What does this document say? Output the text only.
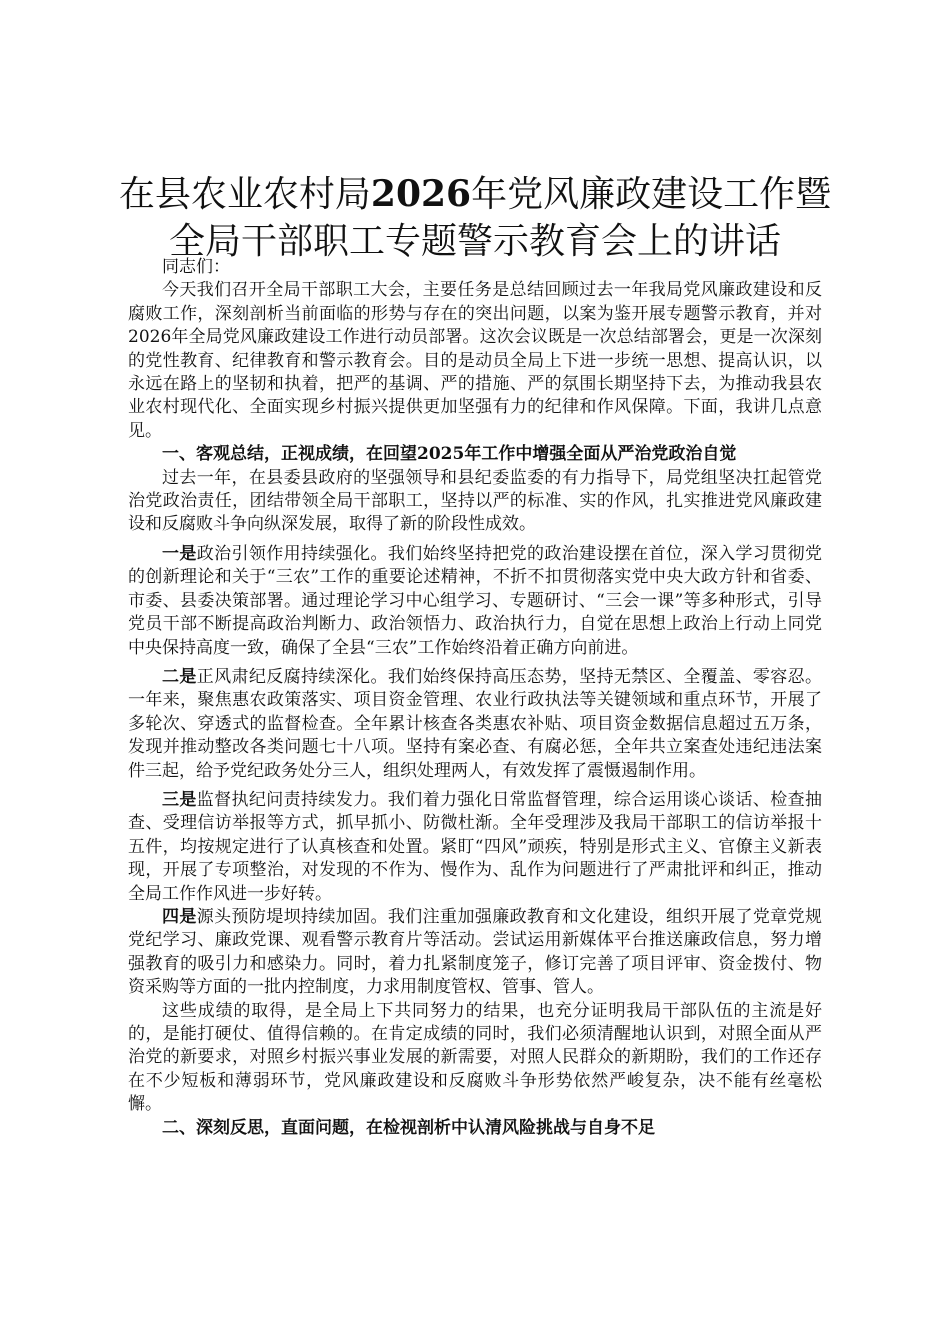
在县农业农村局2026年党风廉政建设工作暨
全局干部职工专题警示教育会上的讲话

同志们：

今天我们召开全局干部职工大会，主要任务是总结回顾过去一年我局党风廉政建设和反腐败工作，深刻剖析当前面临的形势与存在的突出问题，以案为鉴开展专题警示教育，并对2026年全局党风廉政建设工作进行动员部署。这次会议既是一次总结部署会，更是一次深刻的党性教育、纪律教育和警示教育会。目的是动员全局上下进一步统一思想、提高认识，以永远在路上的坚韧和执着，把严的基调、严的措施、严的氛围长期坚持下去，为推动我县农业农村现代化、全面实现乡村振兴提供更加坚强有力的纪律和作风保障。下面，我讲几点意见。

一、客观总结，正视成绩，在回望2025年工作中增强全面从严治党政治自觉

过去一年，在县委县政府的坚强领导和县纪委监委的有力指导下，局党组坚决扛起管党治党政治责任，团结带领全局干部职工，坚持以严的标准、实的作风，扎实推进党风廉政建设和反腐败斗争向纵深发展，取得了新的阶段性成效。

一是政治引领作用持续强化。我们始终坚持把党的政治建设摆在首位，深入学习贯彻党的创新理论和关于“三农”工作的重要论述精神，不折不扣贯彻落实党中央大政方针和省委、市委、县委决策部署。通过理论学习中心组学习、专题研讨、“三会一课”等多种形式，引导党员干部不断提高政治判断力、政治领悟力、政治执行力，自觉在思想上政治上行动上同党中央保持高度一致，确保了全县“三农”工作始终沿着正确方向前进。

二是正风肃纪反腐持续深化。我们始终保持高压态势，坚持无禁区、全覆盖、零容忍。一年来，聚焦惠农政策落实、项目资金管理、农业行政执法等关键领域和重点环节，开展了多轮次、穿透式的监督检查。全年累计核查各类惠农补贴、项目资金数据信息超过五万条，发现并推动整改各类问题七十八项。坚持有案必查、有腐必惩，全年共立案查处违纪违法案件三起，给予党纪政务处分三人，组织处理两人，有效发挥了震慑遏制作用。

三是监督执纪问责持续发力。我们着力强化日常监督管理，综合运用谈心谈话、检查抽查、受理信访举报等方式，抓早抓小、防微杜渐。全年受理涉及我局干部职工的信访举报十五件，均按规定进行了认真核查和处置。紧盯“四风”顽疾，特别是形式主义、官僚主义新表现，开展了专项整治，对发现的不作为、慢作为、乱作为问题进行了严肃批评和纠正，推动全局工作作风进一步好转。

四是源头预防堤坝持续加固。我们注重加强廉政教育和文化建设，组织开展了党章党规党纪学习、廉政党课、观看警示教育片等活动。尝试运用新媒体平台推送廉政信息，努力增强教育的吸引力和感染力。同时，着力扎紧制度笼子，修订完善了项目评审、资金拨付、物资采购等方面的一批内控制度，力求用制度管权、管事、管人。

这些成绩的取得，是全局上下共同努力的结果，也充分证明我局干部队伍的主流是好的，是能打硬仗、值得信赖的。在肯定成绩的同时，我们必须清醒地认识到，对照全面从严治党的新要求，对照乡村振兴事业发展的新需要，对照人民群众的新期盼，我们的工作还存在不少短板和薄弱环节，党风廉政建设和反腐败斗争形势依然严峻复杂，决不能有丝毫松懈。

二、深刻反思，直面问题，在检视剖析中认清风险挑战与自身不足
